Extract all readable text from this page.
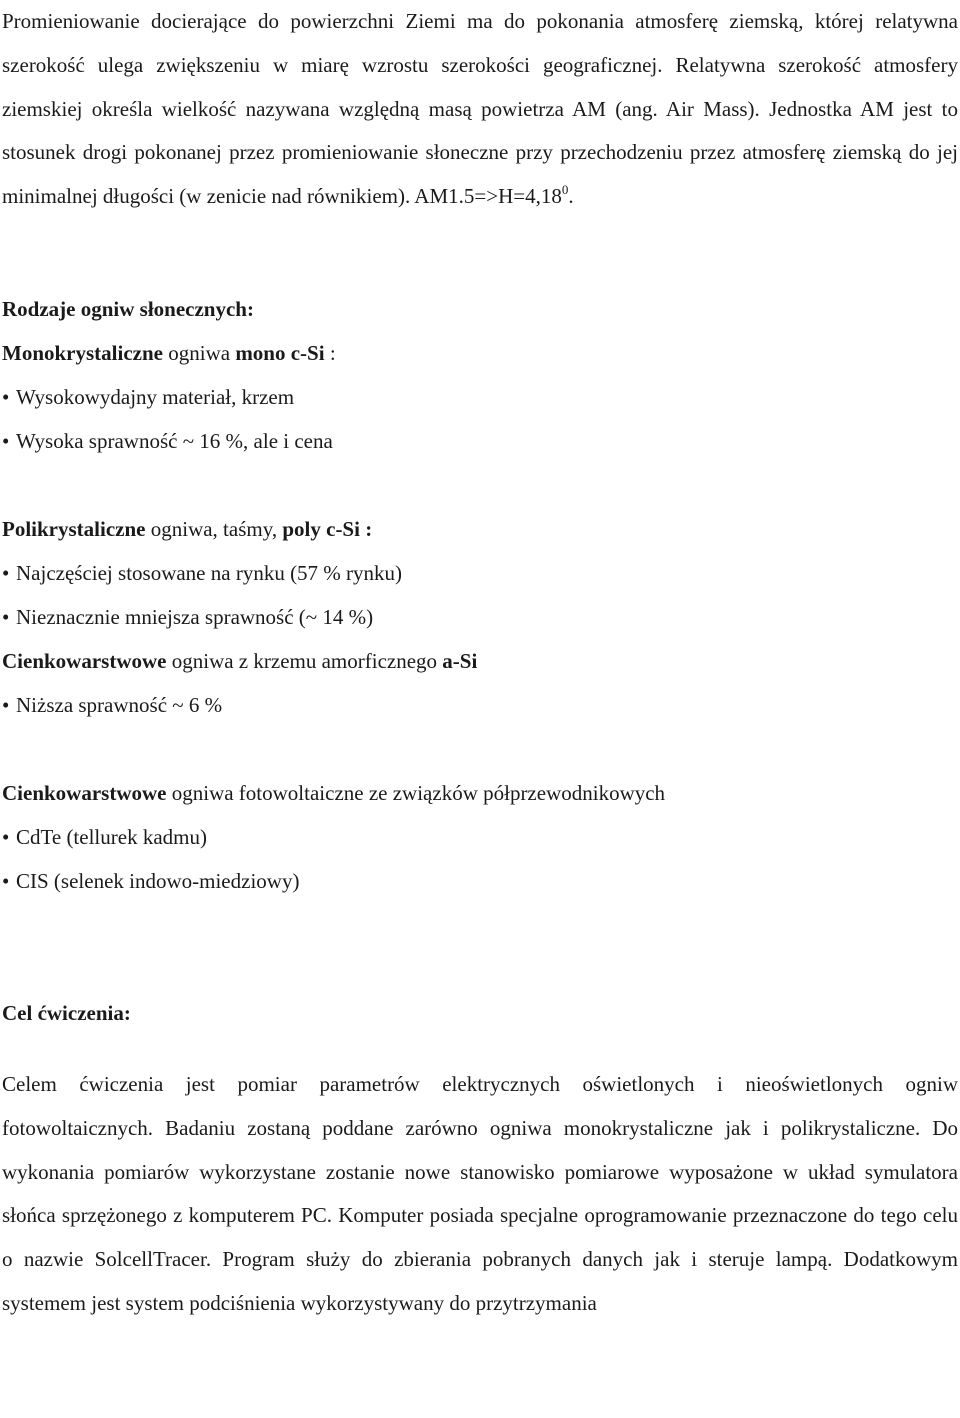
Promieniowanie docierające do powierzchni Ziemi ma do pokonania atmosferę ziemską, której relatywna szerokość ulega zwiększeniu w miarę wzrostu szerokości geograficznej. Relatywna szerokość atmosfery ziemskiej określa wielkość nazywana względną masą powietrza AM (ang. Air Mass). Jednostka AM jest to stosunek drogi pokonanej przez promieniowanie słoneczne przy przechodzeniu przez atmosferę ziemską do jej minimalnej długości (w zenicie nad równikiem). $AM1.5=>H=4,18^0$.

Rodzaje ogniw słonecznych:
Monokrystaliczne ogniwa mono c-Si :
• Wysokowydajny materiał, krzem
• Wysoka sprawność ~ 16 %, ale i cena
Polikrystaliczne ogniwa, taśmy, poly c-Si :
• Najczęściej stosowane na rynku (57 % rynku)
• Nieznacznie mniejsza sprawność (~ 14 %)
Cienkowarstwowe ogniwa z krzemu amorficznego a-Si
• Niższa sprawność ~ 6 %
Cienkowarstwowe ogniwa fotowoltaiczne ze związków półprzewodnikowych
• CdTe (tellurek kadmu)
• CIS (selenek indowo-miedziowy)
Cel ćwiczenia:

Celem ćwiczenia jest pomiar parametrów elektrycznych oświetlonych i nieoświetlonych ogniw fotowoltaicznych. Badaniu zostaną poddane zarówno ogniwa monokrystaliczne jak i polikrystaliczne. Do wykonania pomiarów wykorzystane zostanie nowe stanowisko pomiarowe wyposażone w układ symulatora słońca sprzężonego z komputerem PC. Komputer posiada specjalne oprogramowanie przeznaczone do tego celu o nazwie SolcellTracer. Program służy do zbierania pobranych danych jak i steruje lampą. Dodatkowym systemem jest system podciśnienia wykorzystywany do przytrzymania
